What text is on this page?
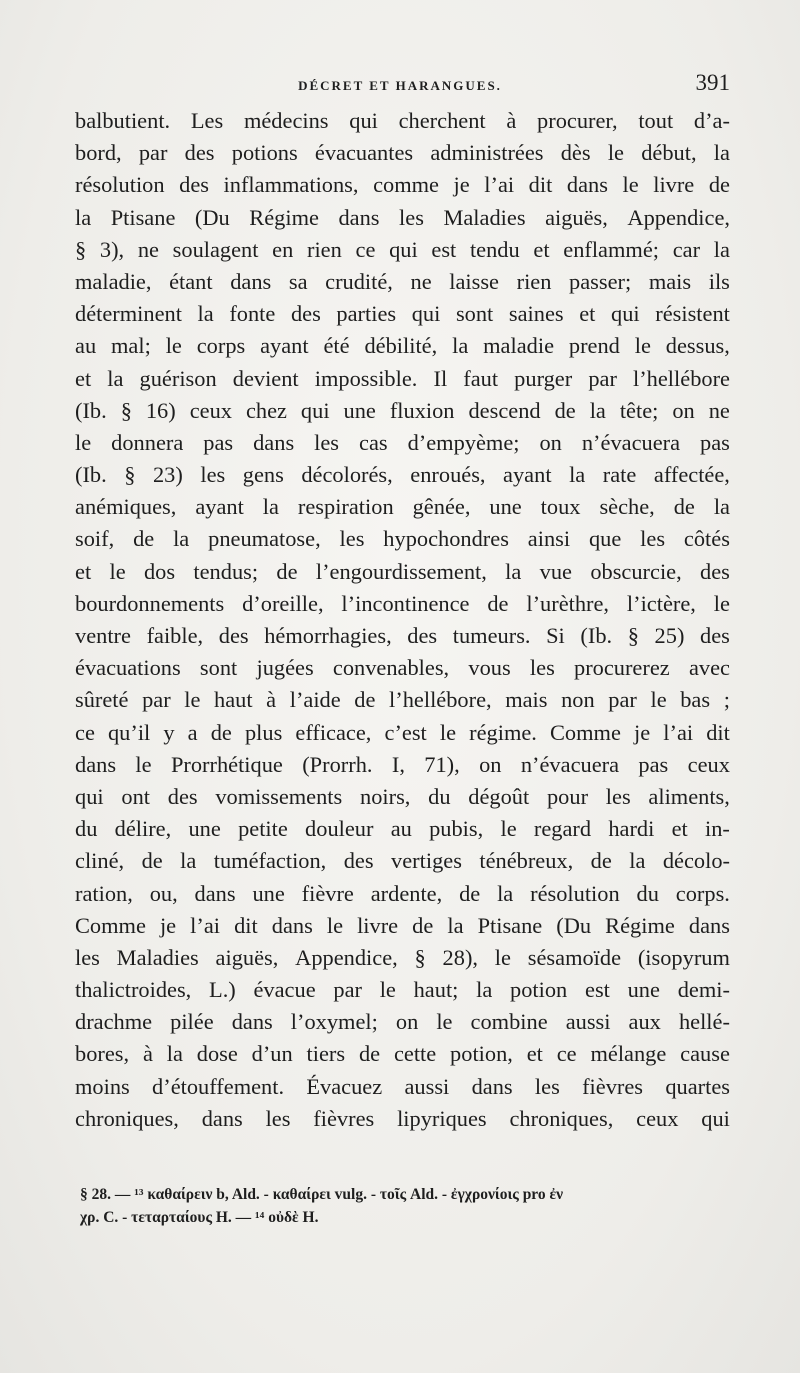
DÉCRET ET HARANGUES.	391
balbutient. Les médecins qui cherchent à procurer, tout d’a-
bord, par des potions évacuantes administrées dès le début, la
résolution des inflammations, comme je l’ai dit dans le livre de
la Ptisane (Du Régime dans les Maladies aiguës, Appendice,
§ 3), ne soulagent en rien ce qui est tendu et enflammé; car la
maladie, étant dans sa crudité, ne laisse rien passer; mais ils
déterminent la fonte des parties qui sont saines et qui résistent
au mal; le corps ayant été débilité, la maladie prend le dessus,
et la guérison devient impossible. Il faut purger par l’hellébore
(Ib. § 16) ceux chez qui une fluxion descend de la tête; on ne
le donnera pas dans les cas d’empyème; on n’évacuera pas
(Ib. § 23) les gens décolorés, enroués, ayant la rate affectée,
anémiques, ayant la respiration gênée, une toux sèche, de la
soif, de la pneumatose, les hypochondres ainsi que les côtés
et le dos tendus; de l’engourdissement, la vue obscurcie, des
bourdonnements d’oreille, l’incontinence de l’urèthre, l’ictère, le
ventre faible, des hémorrhagies, des tumeurs. Si (Ib. § 25) des
évacuations sont jugées convenables, vous les procurerez avec
sûreté par le haut à l’aide de l’hellébore, mais non par le bas ;
ce qu’il y a de plus efficace, c’est le régime. Comme je l’ai dit
dans le Prorrhétique (Prorrh. I, 71), on n’évacuera pas ceux
qui ont des vomissements noirs, du dégoût pour les aliments,
du délire, une petite douleur au pubis, le regard hardi et in-
cliné, de la tuméfaction, des vertiges ténébreux, de la décolo-
ration, ou, dans une fièvre ardente, de la résolution du corps.
Comme je l’ai dit dans le livre de la Ptisane (Du Régime dans
les Maladies aiguës, Appendice, § 28), le sésamoïde (isopyrum
thalictroides, L.) évacue par le haut; la potion est une demi-
drachme pilée dans l’oxymel; on le combine aussi aux hellé-
bores, à la dose d’un tiers de cette potion, et ce mélange cause
moins d’étouffement. Évacuez aussi dans les fièvres quartes
chroniques, dans les fièvres lipyriques chroniques, ceux qui
§ 28. — ¹³ καθαίρειν b, Ald. - καθαίρει vulg. - τοῖς Ald. - ἐγχρονίοις pro ἐν
χρ. C. - τεταρταίους H. — ¹⁴ οὐδὲ H.
